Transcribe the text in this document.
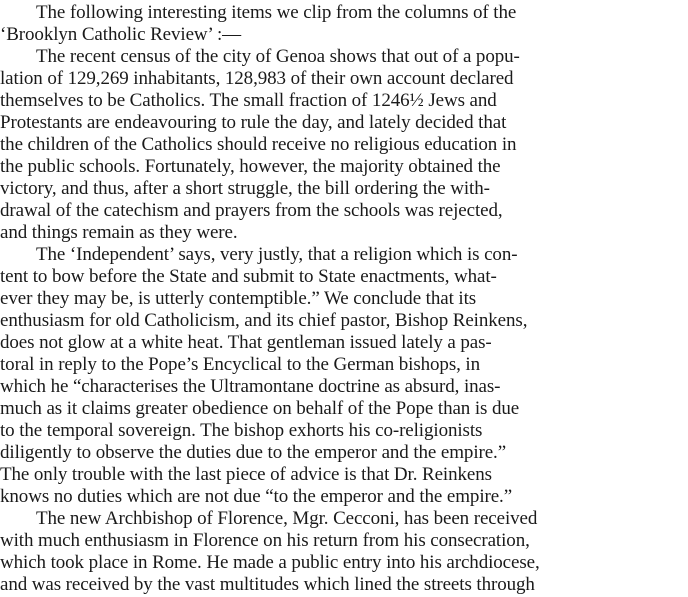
The following interesting items we clip from the columns of the
‘Brooklyn Catholic Review’ :—
The recent census of the city of Genoa shows that out of a popu-
lation of 129,269 inhabitants, 128,983 of their own account declared
themselves to be Catholics. The small fraction of 1246½ Jews and
Protestants are endeavouring to rule the day, and lately decided that
the children of the Catholics should receive no religious education in
the public schools. Fortunately, however, the majority obtained the
victory, and thus, after a short struggle, the bill ordering the with-
drawal of the catechism and prayers from the schools was rejected,
and things remain as they were.
The ‘Independent’ says, very justly, that a religion which is con-
tent to bow before the State and submit to State enactments, what-
ever they may be, is utterly contemptible.” We conclude that its
enthusiasm for old Catholicism, and its chief pastor, Bishop Reinkens,
does not glow at a white heat. That gentleman issued lately a pas-
toral in reply to the Pope’s Encyclical to the German bishops, in
which he “characterises the Ultramontane doctrine as absurd, inas-
much as it claims greater obedience on behalf of the Pope than is due
to the temporal sovereign. The bishop exhorts his co-religionists
diligently to observe the duties due to the emperor and the empire.”
The only trouble with the last piece of advice is that Dr. Reinkens
knows no duties which are not due “to the emperor and the empire.”
The new Archbishop of Florence, Mgr. Cecconi, has been received
with much enthusiasm in Florence on his return from his consecration,
which took place in Rome. He made a public entry into his archdiocese,
and was received by the vast multitudes which lined the streets through
